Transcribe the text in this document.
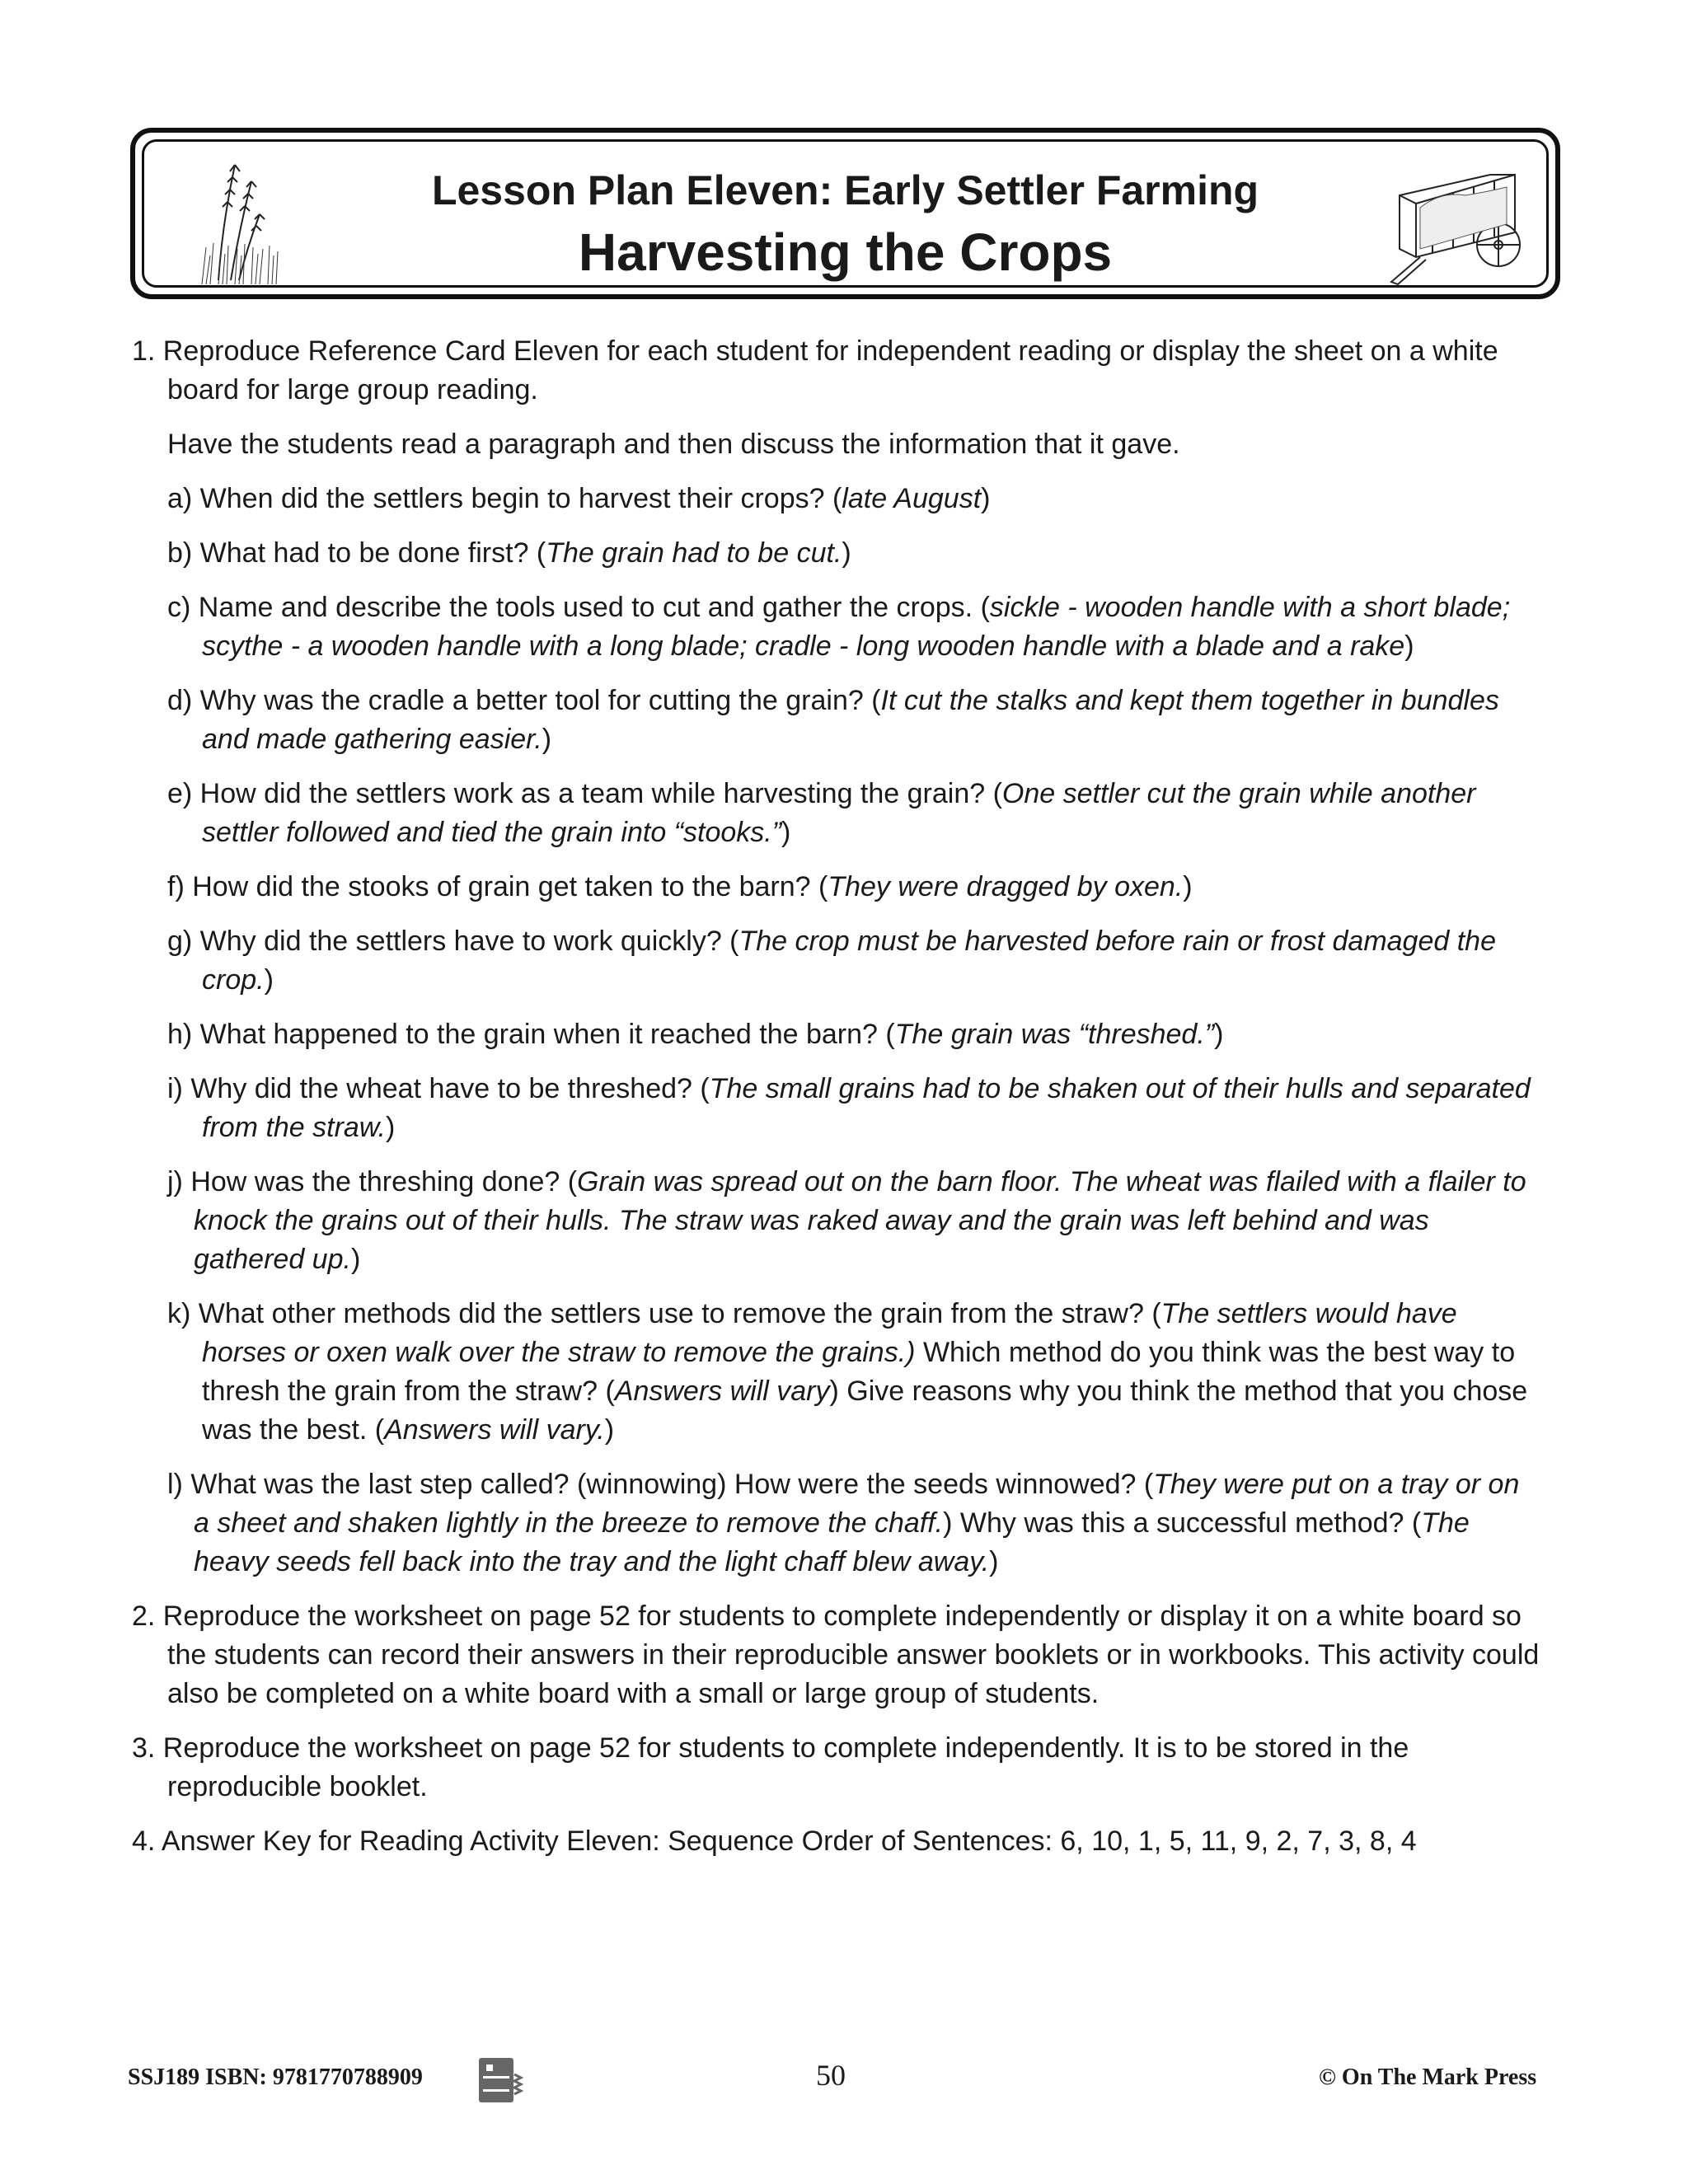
Lesson Plan Eleven: Early Settler Farming
Harvesting the Crops
1. Reproduce Reference Card Eleven for each student for independent reading or display the sheet on a white board for large group reading.
Have the students read a paragraph and then discuss the information that it gave.
a) When did the settlers begin to harvest their crops? (late August)
b) What had to be done first? (The grain had to be cut.)
c) Name and describe the tools used to cut and gather the crops. (sickle - wooden handle with a short blade; scythe - a wooden handle with a long blade; cradle - long wooden handle with a blade and a rake)
d) Why was the cradle a better tool for cutting the grain? (It cut the stalks and kept them together in bundles and made gathering easier.)
e) How did the settlers work as a team while harvesting the grain? (One settler cut the grain while another settler followed and tied the grain into “stooks.”)
f) How did the stooks of grain get taken to the barn? (They were dragged by oxen.)
g) Why did the settlers have to work quickly? (The crop must be harvested before rain or frost damaged the crop.)
h) What happened to the grain when it reached the barn? (The grain was “threshed.”)
i) Why did the wheat have to be threshed? (The small grains had to be shaken out of their hulls and separated from the straw.)
j) How was the threshing done? (Grain was spread out on the barn floor. The wheat was flailed with a flailer to knock the grains out of their hulls. The straw was raked away and the grain was left behind and was gathered up.)
k) What other methods did the settlers use to remove the grain from the straw? (The settlers would have horses or oxen walk over the straw to remove the grains.) Which method do you think was the best way to thresh the grain from the straw? (Answers will vary) Give reasons why you think the method that you chose was the best. (Answers will vary.)
l) What was the last step called? (winnowing) How were the seeds winnowed? (They were put on a tray or on a sheet and shaken lightly in the breeze to remove the chaff.) Why was this a successful method? (The heavy seeds fell back into the tray and the light chaff blew away.)
2. Reproduce the worksheet on page 52 for students to complete independently or display it on a white board so the students can record their answers in their reproducible answer booklets or in workbooks. This activity could also be completed on a white board with a small or large group of students.
3. Reproduce the worksheet on page 52 for students to complete independently. It is to be stored in the reproducible booklet.
4. Answer Key for Reading Activity Eleven: Sequence Order of Sentences: 6, 10, 1, 5, 11, 9, 2, 7, 3, 8, 4
SSJ189 ISBN: 9781770788909	50	© On The Mark Press
